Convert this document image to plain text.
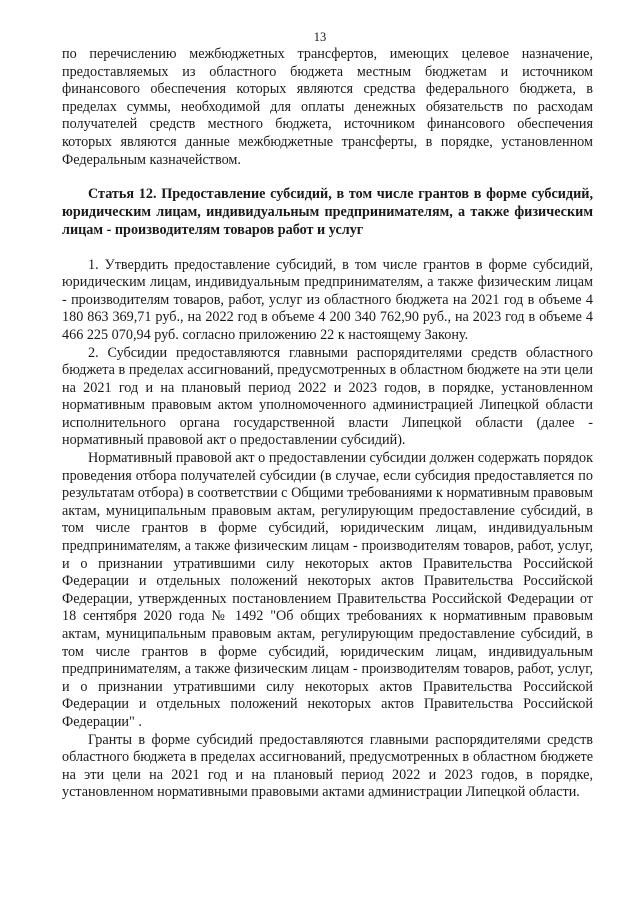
13

по перечислению межбюджетных трансфертов, имеющих целевое назначение, предоставляемых из областного бюджета местным бюджетам и источником финансового обеспечения которых являются средства федерального бюджета, в пределах суммы, необходимой для оплаты денежных обязательств по расходам получателей средств местного бюджета, источником финансового обеспечения которых являются данные межбюджетные трансферты, в порядке, установленном Федеральным казначейством.

Статья 12. Предоставление субсидий, в том числе грантов в форме субсидий, юридическим лицам, индивидуальным предпринимателям, а также физическим лицам - производителям товаров работ и услуг

1. Утвердить предоставление субсидий, в том числе грантов в форме субсидий, юридическим лицам, индивидуальным предпринимателям, а также физическим лицам - производителям товаров, работ, услуг из областного бюджета на 2021 год в объеме 4 180 863 369,71 руб., на 2022 год в объеме 4 200 340 762,90 руб., на 2023 год в объеме 4 466 225 070,94 руб. согласно приложению 22 к настоящему Закону.

2. Субсидии предоставляются главными распорядителями средств областного бюджета в пределах ассигнований, предусмотренных в областном бюджете на эти цели на 2021 год и на плановый период 2022 и 2023 годов, в порядке, установленном нормативным правовым актом уполномоченного администрацией Липецкой области исполнительного органа государственной власти Липецкой области (далее - нормативный правовой акт о предоставлении субсидий).

Нормативный правовой акт о предоставлении субсидии должен содержать порядок проведения отбора получателей субсидии (в случае, если субсидия предоставляется по результатам отбора) в соответствии с Общими требованиями к нормативным правовым актам, муниципальным правовым актам, регулирующим предоставление субсидий, в том числе грантов в форме субсидий, юридическим лицам, индивидуальным предпринимателям, а также физическим лицам - производителям товаров, работ, услуг, и о признании утратившими силу некоторых актов Правительства Российской Федерации и отдельных положений некоторых актов Правительства Российской Федерации, утвержденных постановлением Правительства Российской Федерации от 18 сентября 2020 года № 1492 "Об общих требованиях к нормативным правовым актам, муниципальным правовым актам, регулирующим предоставление субсидий, в том числе грантов в форме субсидий, юридическим лицам, индивидуальным предпринимателям, а также физическим лицам - производителям товаров, работ, услуг, и о признании утратившими силу некоторых актов Правительства Российской Федерации и отдельных положений некоторых актов Правительства Российской Федерации" .

Гранты в форме субсидий предоставляются главными распорядителями средств областного бюджета в пределах ассигнований, предусмотренных в областном бюджете на эти цели на 2021 год и на плановый период 2022 и 2023 годов, в порядке, установленном нормативными правовыми актами администрации Липецкой области.
